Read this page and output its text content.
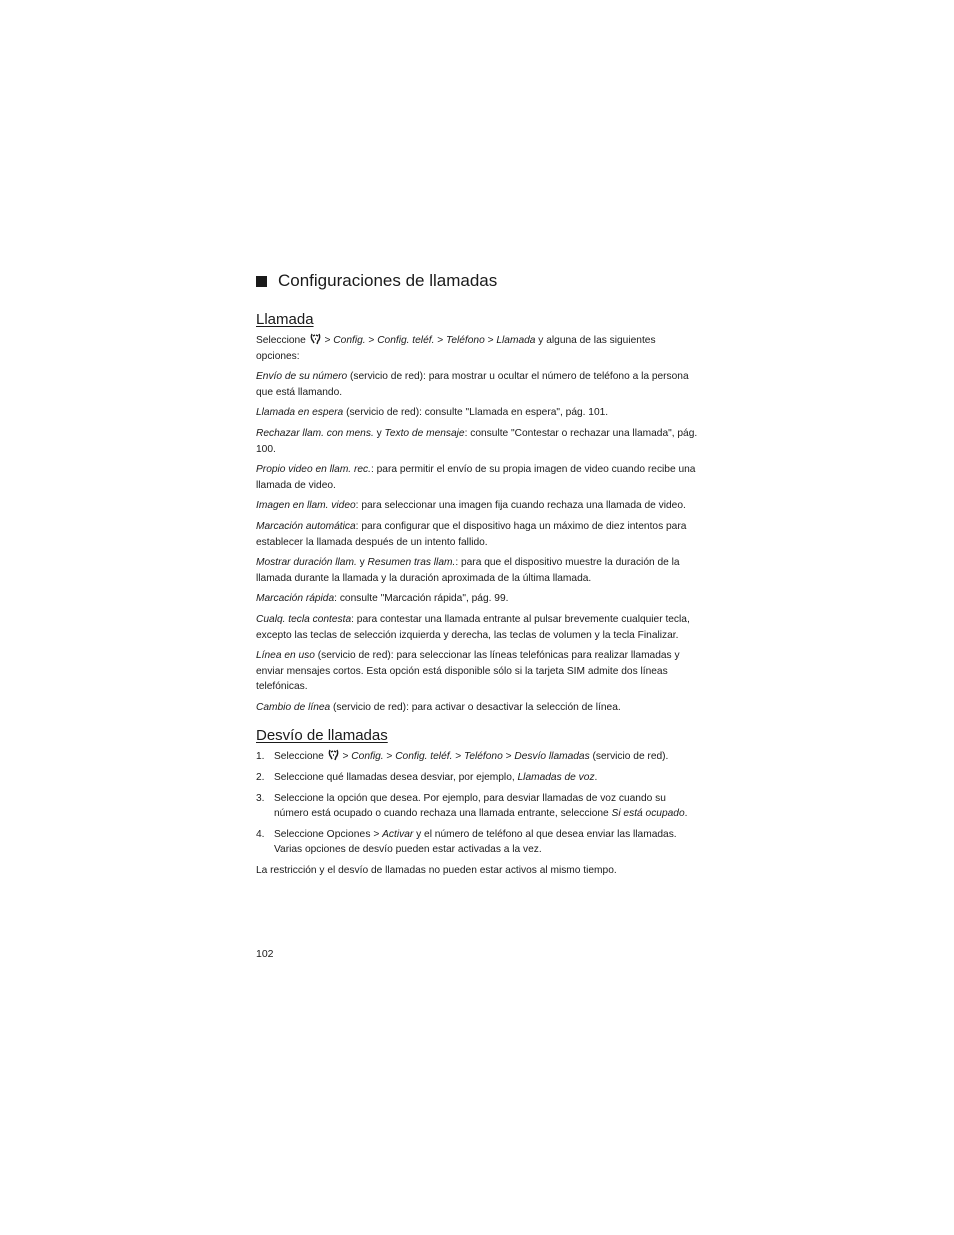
Configuraciones de llamadas
Llamada

Seleccione  > Config. > Config. teléf. > Teléfono > Llamada y alguna de las siguientes opciones:

Envío de su número (servicio de red): para mostrar u ocultar el número de teléfono a la persona que está llamando.

Llamada en espera (servicio de red): consulte "Llamada en espera", pág. 101.

Rechazar llam. con mens. y Texto de mensaje: consulte "Contestar o rechazar una llamada", pág. 100.

Propio video en llam. rec.: para permitir el envío de su propia imagen de video cuando recibe una llamada de video.

Imagen en llam. video: para seleccionar una imagen fija cuando rechaza una llamada de video.

Marcación automática: para configurar que el dispositivo haga un máximo de diez intentos para establecer la llamada después de un intento fallido.

Mostrar duración llam. y Resumen tras llam.: para que el dispositivo muestre la duración de la llamada durante la llamada y la duración aproximada de la última llamada.

Marcación rápida: consulte "Marcación rápida", pág. 99.

Cualq. tecla contesta: para contestar una llamada entrante al pulsar brevemente cualquier tecla, excepto las teclas de selección izquierda y derecha, las teclas de volumen y la tecla Finalizar.

Línea en uso (servicio de red): para seleccionar las líneas telefónicas para realizar llamadas y enviar mensajes cortos. Esta opción está disponible sólo si la tarjeta SIM admite dos líneas telefónicas.

Cambio de línea (servicio de red): para activar o desactivar la selección de línea.

Desvío de llamadas
1. Seleccione  > Config. > Config. teléf. > Teléfono > Desvío llamadas (servicio de red).
2. Seleccione qué llamadas desea desviar, por ejemplo, Llamadas de voz.
3. Seleccione la opción que desea. Por ejemplo, para desviar llamadas de voz cuando su número está ocupado o cuando rechaza una llamada entrante, seleccione Si está ocupado.
4. Seleccione Opciones > Activar y el número de teléfono al que desea enviar las llamadas. Varias opciones de desvío pueden estar activadas a la vez.

La restricción y el desvío de llamadas no pueden estar activos al mismo tiempo.

102
